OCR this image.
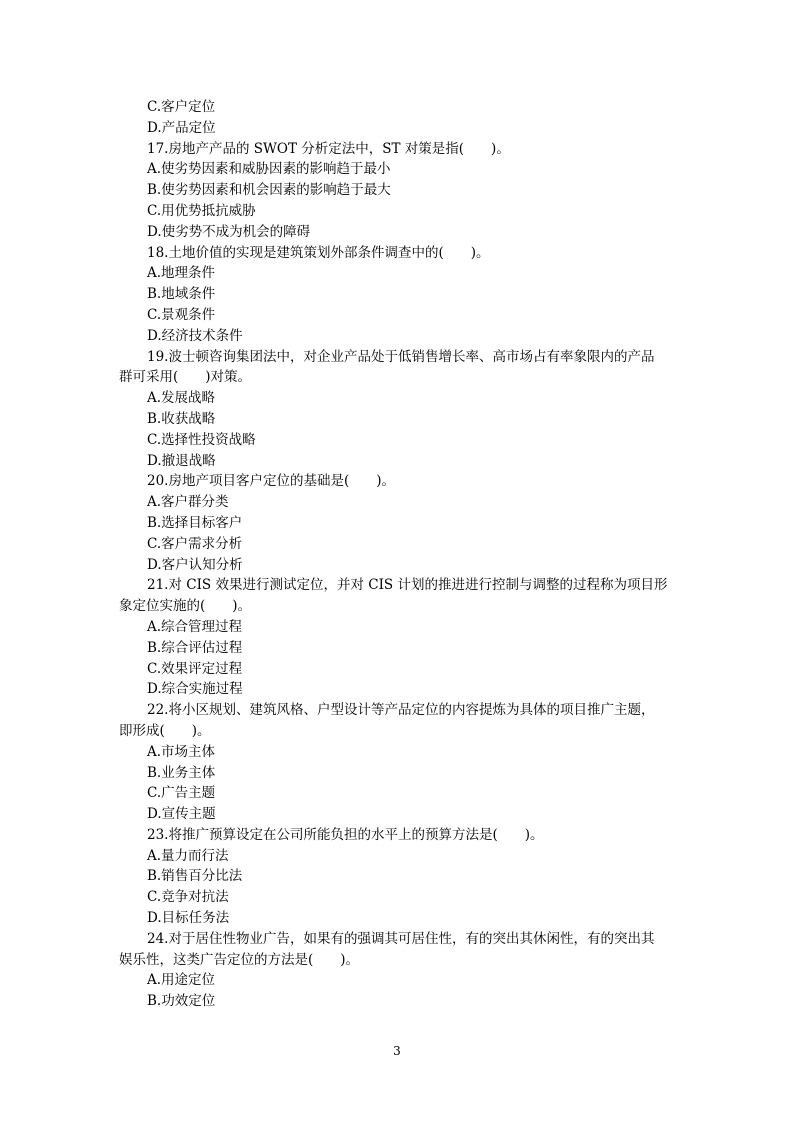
C.客户定位
D.产品定位
17.房地产产品的 SWOT 分析定法中，ST 对策是指(　　)。
A.使劣势因素和威胁因素的影响趋于最小
B.使劣势因素和机会因素的影响趋于最大
C.用优势抵抗威胁
D.使劣势不成为机会的障碍
18.土地价值的实现是建筑策划外部条件调查中的(　　)。
A.地理条件
B.地域条件
C.景观条件
D.经济技术条件
19.波士顿咨询集团法中，对企业产品处于低销售增长率、高市场占有率象限内的产品
群可采用(　　)对策。
A.发展战略
B.收获战略
C.选择性投资战略
D.撤退战略
20.房地产项目客户定位的基础是(　　)。
A.客户群分类
B.选择目标客户
C.客户需求分析
D.客户认知分析
21.对 CIS 效果进行测试定位，并对 CIS 计划的推进进行控制与调整的过程称为项目形
象定位实施的(　　)。
A.综合管理过程
B.综合评估过程
C.效果评定过程
D.综合实施过程
22.将小区规划、建筑风格、户型设计等产品定位的内容提炼为具体的项目推广主题，
即形成(　　)。
A.市场主体
B.业务主体
C.广告主题
D.宣传主题
23.将推广预算设定在公司所能负担的水平上的预算方法是(　　)。
A.量力而行法
B.销售百分比法
C.竞争对抗法
D.目标任务法
24.对于居住性物业广告，如果有的强调其可居住性，有的突出其休闲性，有的突出其
娱乐性，这类广告定位的方法是(　　)。
A.用途定位
B.功效定位
3
